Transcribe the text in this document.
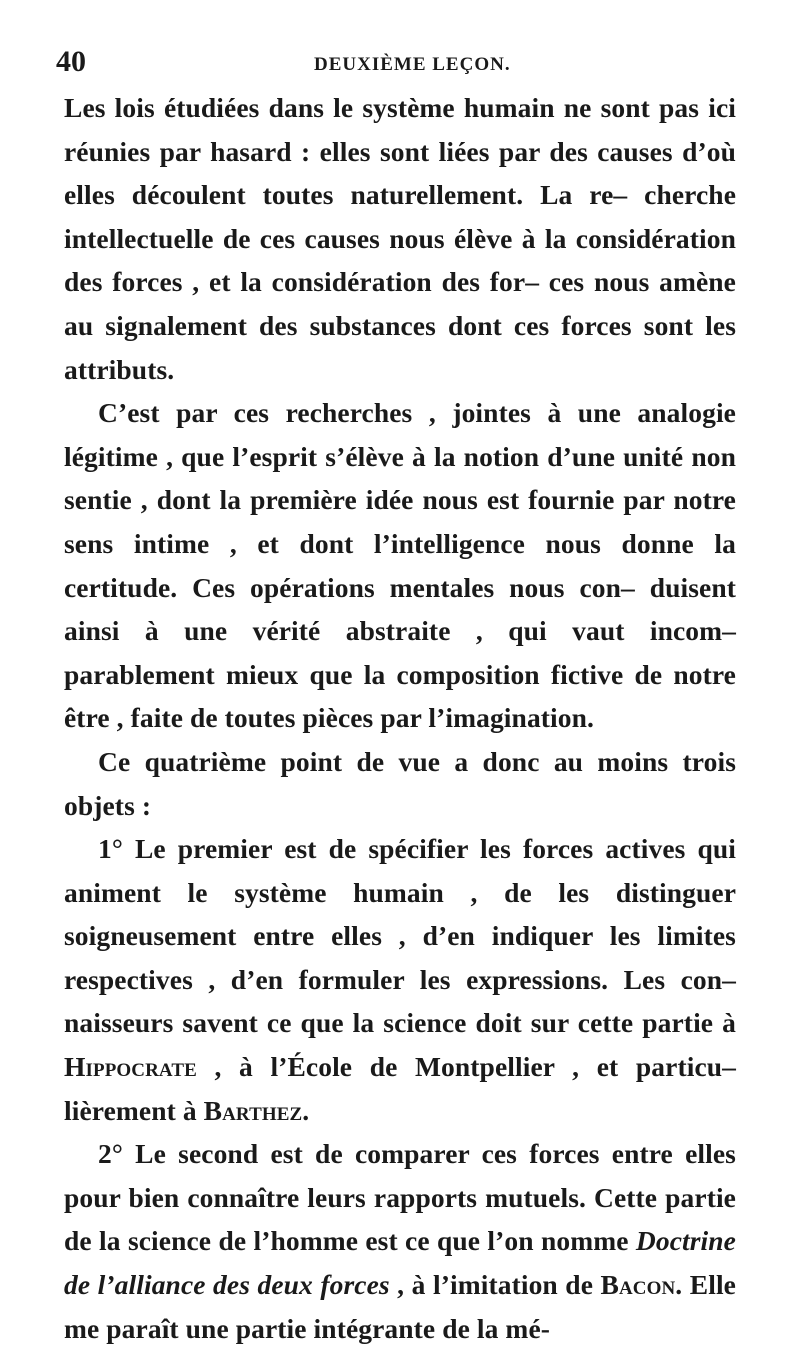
40	DEUXIÈME LEÇON.

Les lois étudiées dans le système humain ne sont pas ici réunies par hasard : elles sont liées par des causes d’où elles découlent toutes naturellement. La re– cherche intellectuelle de ces causes nous élève à la considération des forces , et la considération des for– ces nous amène au signalement des substances dont ces forces sont les attributs.

C’est par ces recherches , jointes à une analogie légitime , que l’esprit s’élève à la notion d’une unité non sentie , dont la première idée nous est fournie par notre sens intime , et dont l’intelligence nous donne la certitude. Ces opérations mentales nous con– duisent ainsi à une vérité abstraite , qui vaut incom– parablement mieux que la composition fictive de notre être , faite de toutes pièces par l’imagination.

Ce quatrième point de vue a donc au moins trois objets :

1° Le premier est de spécifier les forces actives qui animent le système humain , de les distinguer soigneusement entre elles , d’en indiquer les limites respectives , d’en formuler les expressions. Les con– naisseurs savent ce que la science doit sur cette partie à Hippocrate , à l’École de Montpellier , et particu– lièrement à Barthez.

2° Le second est de comparer ces forces entre elles pour bien connaître leurs rapports mutuels. Cette partie de la science de l’homme est ce que l’on nomme Doctrine de l’alliance des deux forces , à l’imitation de Bacon. Elle me paraît une partie intégrante de la mé-
